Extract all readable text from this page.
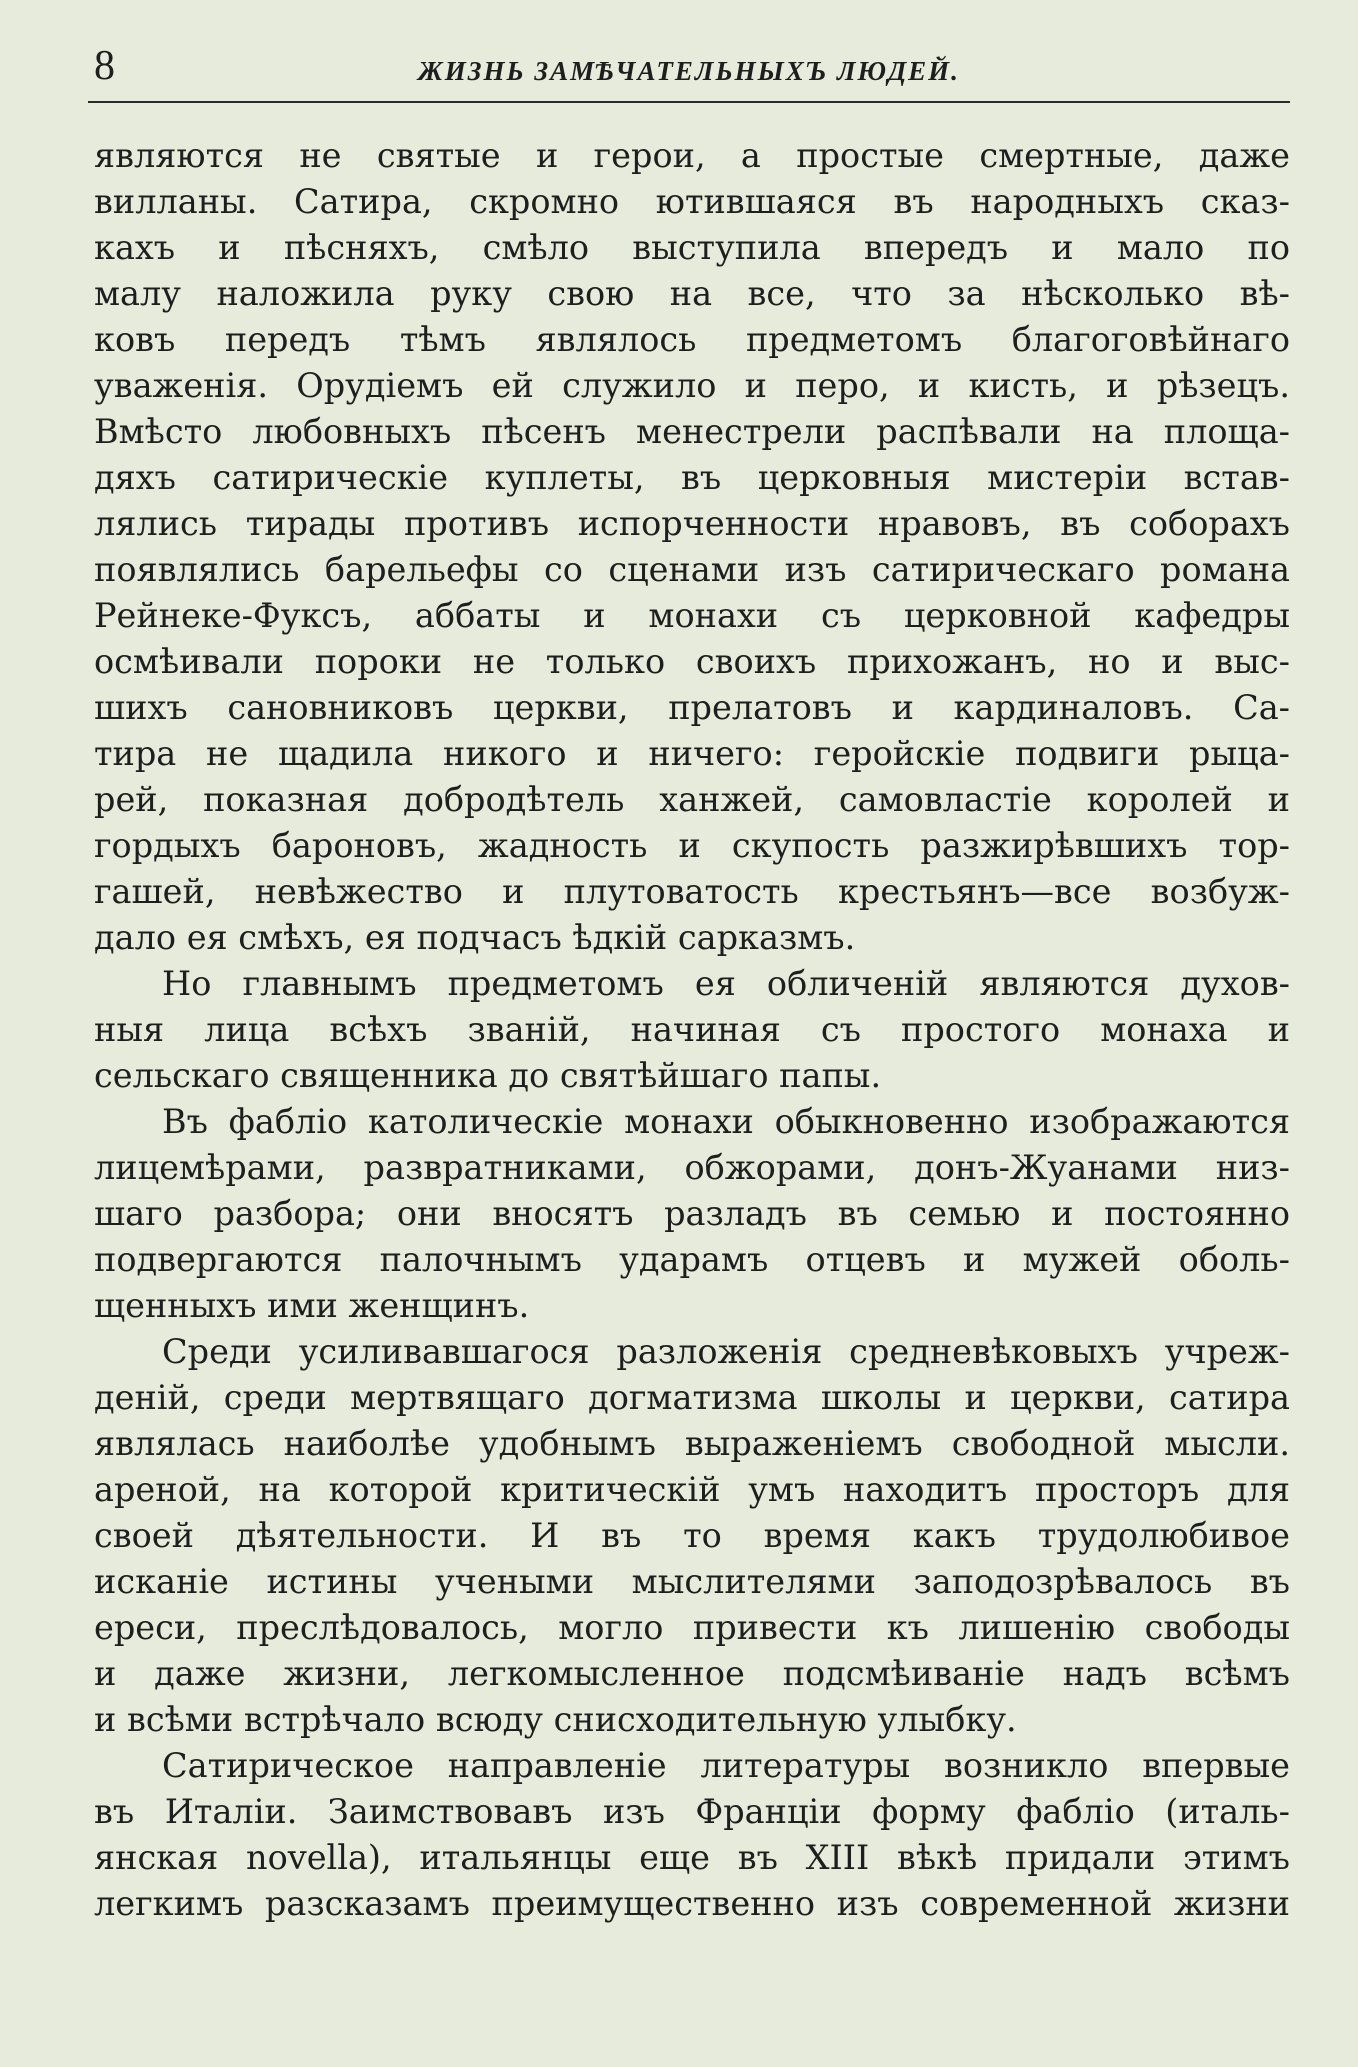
8	ЖИЗНЬ ЗАМѢЧАТЕЛЬНЫХЪ ЛЮДЕЙ.
являются не святые и герои, а простые смертные, даже
вилланы. Сатира, скромно ютившаяся въ народныхъ сказ-
кахъ и пѣсняхъ, смѣло выступила впередъ и мало по
малу наложила руку свою на все, что за нѣсколько вѣ-
ковъ передъ тѣмъ являлось предметомъ благоговѣйнаго
уваженія. Орудіемъ ей служило и перо, и кисть, и рѣзецъ.
Вмѣсто любовныхъ пѣсенъ менестрели распѣвали на площа-
дяхъ сатирическіе куплеты, въ церковныя мистеріи встав-
лялись тирады противъ испорченности нравовъ, въ соборахъ
появлялись барельефы со сценами изъ сатирическаго романа
Рейнеке-Фуксъ, аббаты и монахи съ церковной кафедры
осмѣивали пороки не только своихъ прихожанъ, но и выс-
шихъ сановниковъ церкви, прелатовъ и кардиналовъ. Са-
тира не щадила никого и ничего: геройскіе подвиги рыца-
рей, показная добродѣтель ханжей, самовластіе королей и
гордыхъ бароновъ, жадность и скупость разжирѣвшихъ тор-
гашей, невѣжество и плутоватость крестьянъ—все возбуж-
дало ея смѣхъ, ея подчасъ ѣдкій сарказмъ.
Но главнымъ предметомъ ея обличеній являются духов-
ныя лица всѣхъ званій, начиная съ простого монаха и
сельскаго священника до святѣйшаго папы.
Въ фабліо католическіе монахи обыкновенно изображаются
лицемѣрами, развратниками, обжорами, донъ-Жуанами низ-
шаго разбора; они вносятъ разладъ въ семью и постоянно
подвергаются палочнымъ ударамъ отцевъ и мужей оболь-
щенныхъ ими женщинъ.
Среди усиливавшагося разложенія средневѣковыхъ учреж-
деній, среди мертвящаго догматизма школы и церкви, сатира
являлась наиболѣе удобнымъ выраженіемъ свободной мысли.
ареной, на которой критическій умъ находитъ просторъ для
своей дѣятельности. И въ то время какъ трудолюбивое
исканіе истины учеными мыслителями заподозрѣвалось въ
ереси, преслѣдовалось, могло привести къ лишенію свободы
и даже жизни, легкомысленное подсмѣиваніе надъ всѣмъ
и всѣми встрѣчало всюду снисходительную улыбку.
Сатирическое направленіе литературы возникло впервые
въ Италіи. Заимствовавъ изъ Франціи форму фабліо (италь-
янская novella), итальянцы еще въ XIII вѣкѣ придали этимъ
легкимъ разсказамъ преимущественно изъ современной жизни
